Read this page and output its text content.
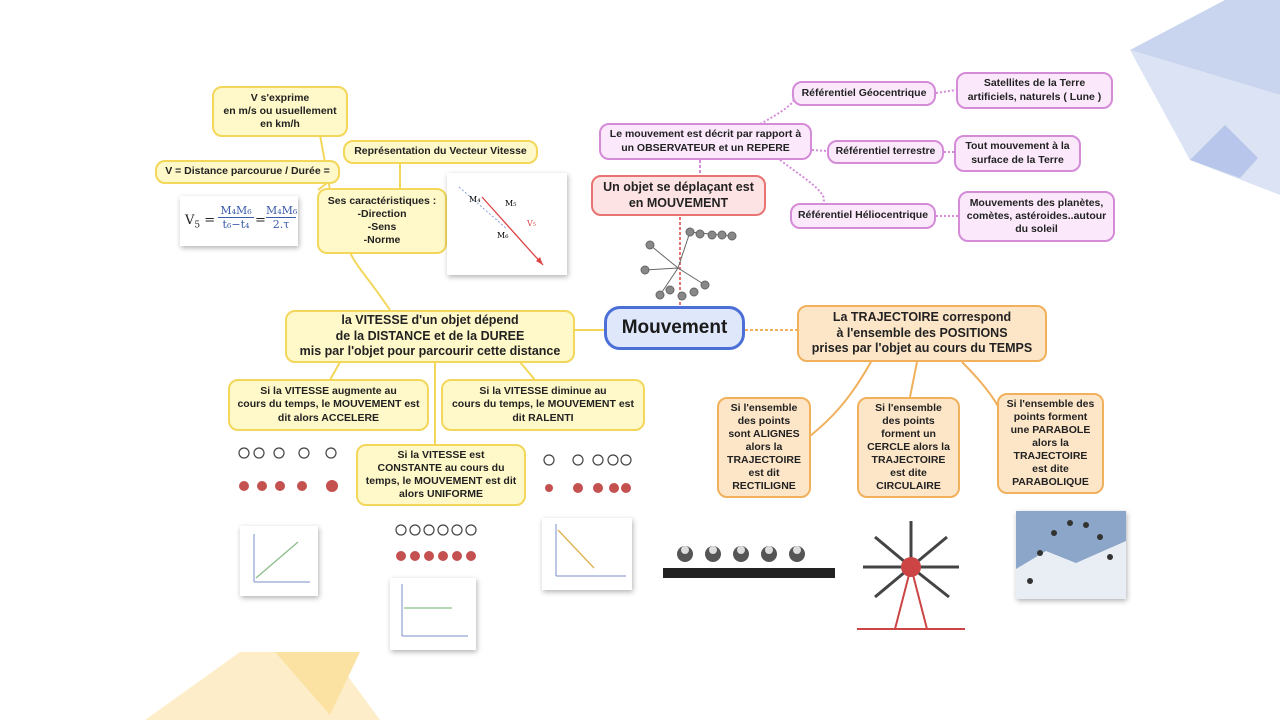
Mouvement
Un objet se déplaçant est
en MOUVEMENT
Le mouvement est décrit par rapport à
un OBSERVATEUR et un REPERE
Référentiel Géocentrique
Satellites de la Terre
artificiels, naturels ( Lune )
Référentiel terrestre	Tout mouvement à la
surface de la Terre
Référentiel Héliocentrique
Mouvements des planètes,
comètes, astéroides..autour
du soleil
la VITESSE d'un objet dépend
de la DISTANCE et de la DUREE
mis par l'objet pour parcourir cette distance
V s'exprime
en m/s ou usuellement
en km/h
V = Distance parcourue / Durée =
Représentation du Vecteur Vitesse
Ses caractéristiques :
-Direction
-Sens
-Norme
$V_5 = \frac{\text{M₄M₆}}{\text{t₆−t₄}} = \frac{\text{M₄M₆}}{2.\tau}$
M₄	M₅
M₆
V₅
Si la VITESSE augmente au
cours du temps, le MOUVEMENT est
dit alors ACCELERE
Si la VITESSE diminue au
cours du temps, le MOUVEMENT est
dit RALENTI
Si la VITESSE est
CONSTANTE au cours du
temps, le MOUVEMENT est dit
alors UNIFORME
La TRAJECTOIRE correspond
à l'ensemble des POSITIONS
prises par l'objet au cours du TEMPS
Si l'ensemble
des points
sont ALIGNES
alors la
TRAJECTOIRE
est dit
RECTILIGNE
Si l'ensemble
des points
forment un
CERCLE alors la
TRAJECTOIRE
est dite
CIRCULAIRE
Si l'ensemble des
points forment
une PARABOLE
alors la
TRAJECTOIRE
est dite
PARABOLIQUE
